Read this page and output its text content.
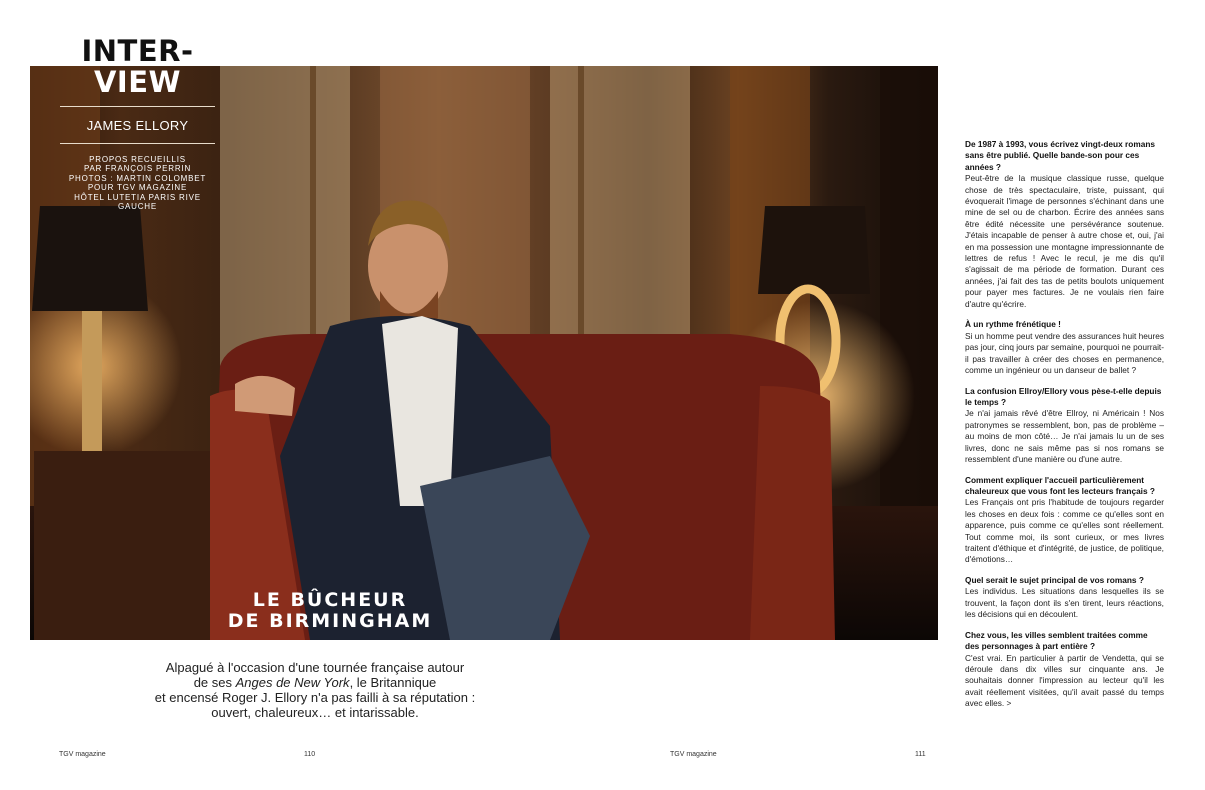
INTER-
VIEW
JAMES ELLORY
PROPOS RECUEILLIS
PAR FRANÇOIS PERRIN
PHOTOS : MARTIN COLOMBET
POUR TGV MAGAZINE
HÔTEL LUTETIA PARIS RIVE GAUCHE
LE BÛCHEUR
DE BIRMINGHAM
Alpagué à l'occasion d'une tournée française autour
de ses Anges de New York, le Britannique
et encensé Roger J. Ellory n'a pas failli à sa réputation :
ouvert, chaleureux… et intarissable.
TGV magazine	110	TGV magazine	111

De 1987 à 1993, vous écrivez vingt-deux romans sans être publié. Quelle bande-son pour ces années ?

Peut-être de la musique classique russe, quelque chose de très spectaculaire, triste, puissant, qui évoquerait l'image de personnes s'échinant dans une mine de sel ou de charbon. Écrire des années sans être édité nécessite une persévérance soutenue. J'étais incapable de penser à autre chose et, oui, j'ai en ma possession une montagne impressionnante de lettres de refus ! Avec le recul, je me dis qu'il s'agissait de ma période de formation. Durant ces années, j'ai fait des tas de petits boulots uniquement pour payer mes factures. Je ne voulais rien faire d'autre qu'écrire.

À un rythme frénétique !

Si un homme peut vendre des assurances huit heures pas jour, cinq jours par semaine, pourquoi ne pourrait-il pas travailler à créer des choses en permanence, comme un ingénieur ou un danseur de ballet ?

La confusion Ellroy/Ellory vous pèse-t-elle depuis le temps ?

Je n'ai jamais rêvé d'être Ellroy, ni Américain ! Nos patronymes se ressemblent, bon, pas de problème – au moins de mon côté… Je n'ai jamais lu un de ses livres, donc ne sais même pas si nos romans se ressemblent d'une manière ou d'une autre.

Comment expliquer l'accueil particulièrement chaleureux que vous font les lecteurs français ?

Les Français ont pris l'habitude de toujours regarder les choses en deux fois : comme ce qu'elles sont en apparence, puis comme ce qu'elles sont réellement. Tout comme moi, ils sont curieux, or mes livres traitent d'éthique et d'intégrité, de justice, de politique, d'émotions…

Quel serait le sujet principal de vos romans ?

Les individus. Les situations dans lesquelles ils se trouvent, la façon dont ils s'en tirent, leurs réactions, les décisions qui en découlent.

Chez vous, les villes semblent traitées comme des personnages à part entière ?

C'est vrai. En particulier à partir de Vendetta, qui se déroule dans dix villes sur cinquante ans. Je souhaitais donner l'impression au lecteur qu'il les avait réellement visitées, qu'il avait passé du temps avec elles. >
